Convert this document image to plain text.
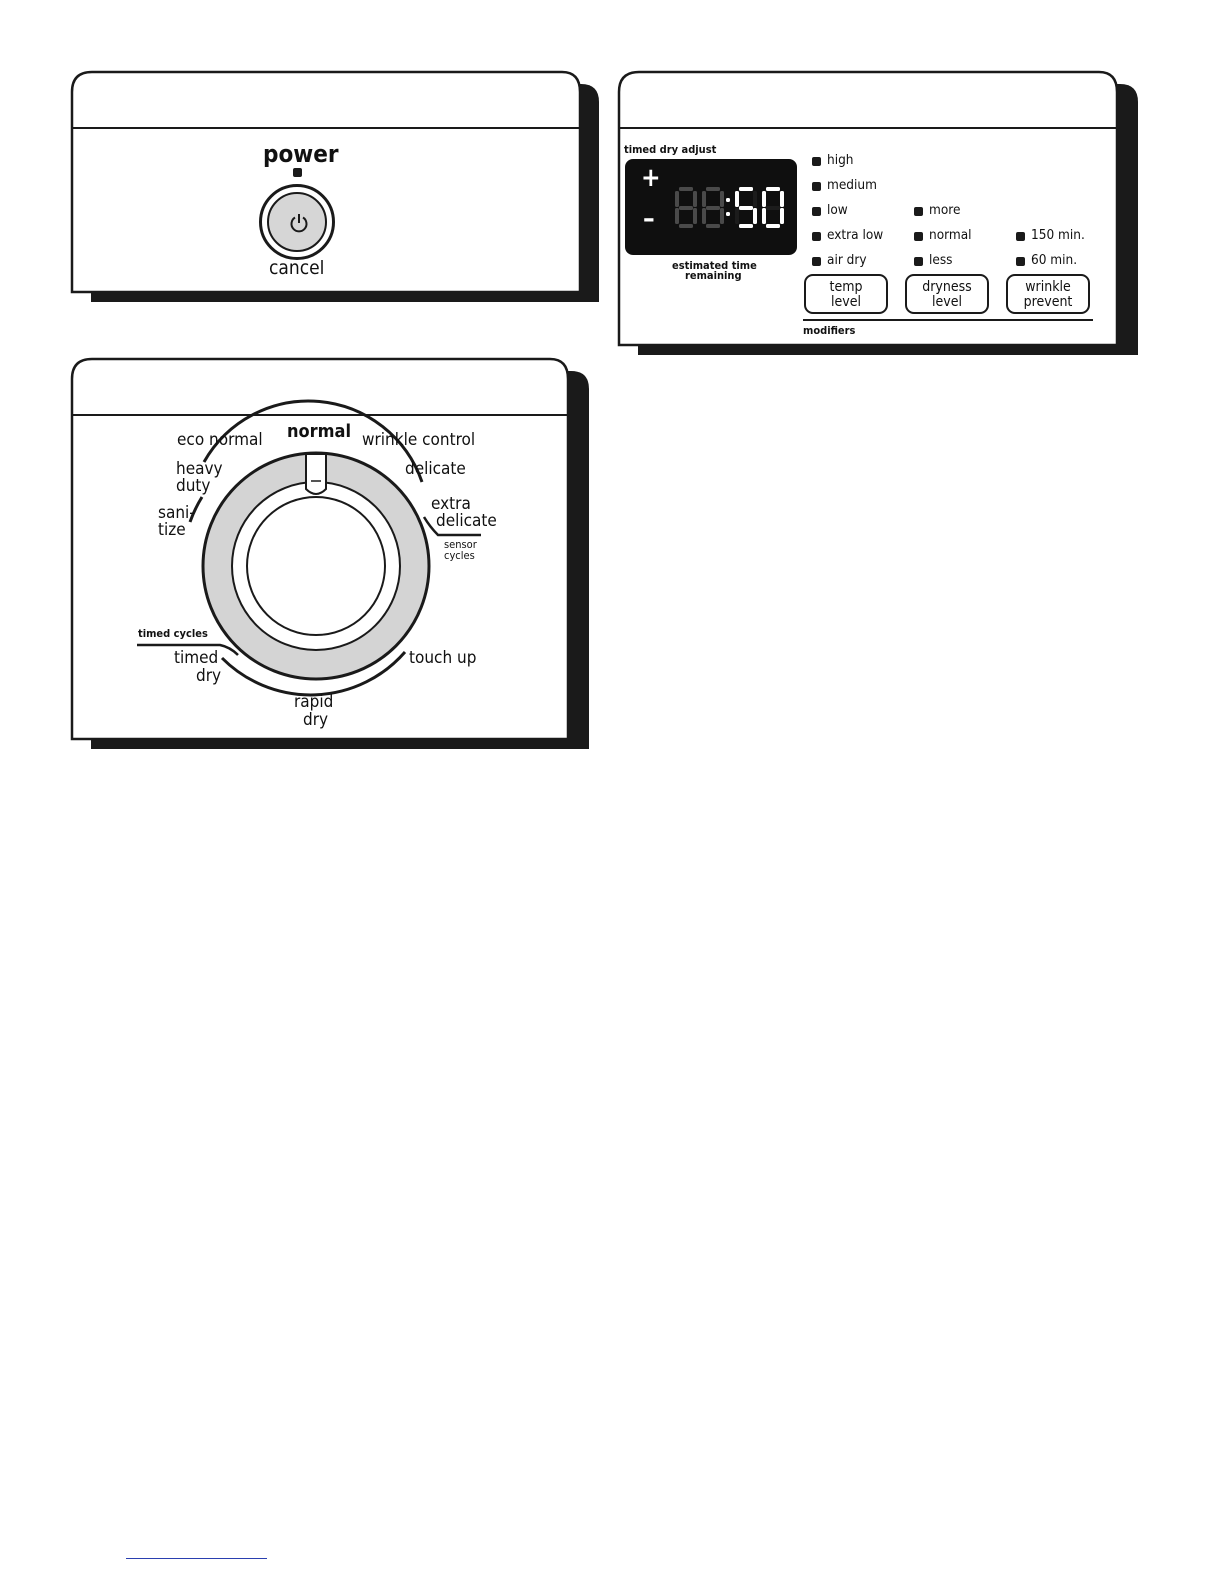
power
cancel
timed dry adjust
+
–
estimated time
remaining
high
medium
low
extra low
air dry
more
normal
less
150 min.
60 min.
temp
level
dryness
level
wrinkle
prevent
modifiers
eco normal normal wrinkle control
heavy
duty
delicate
sani-
tize
extra
delicate
sensor
cycles
timed cycles
timed
dry
touch up
rapid
dry
